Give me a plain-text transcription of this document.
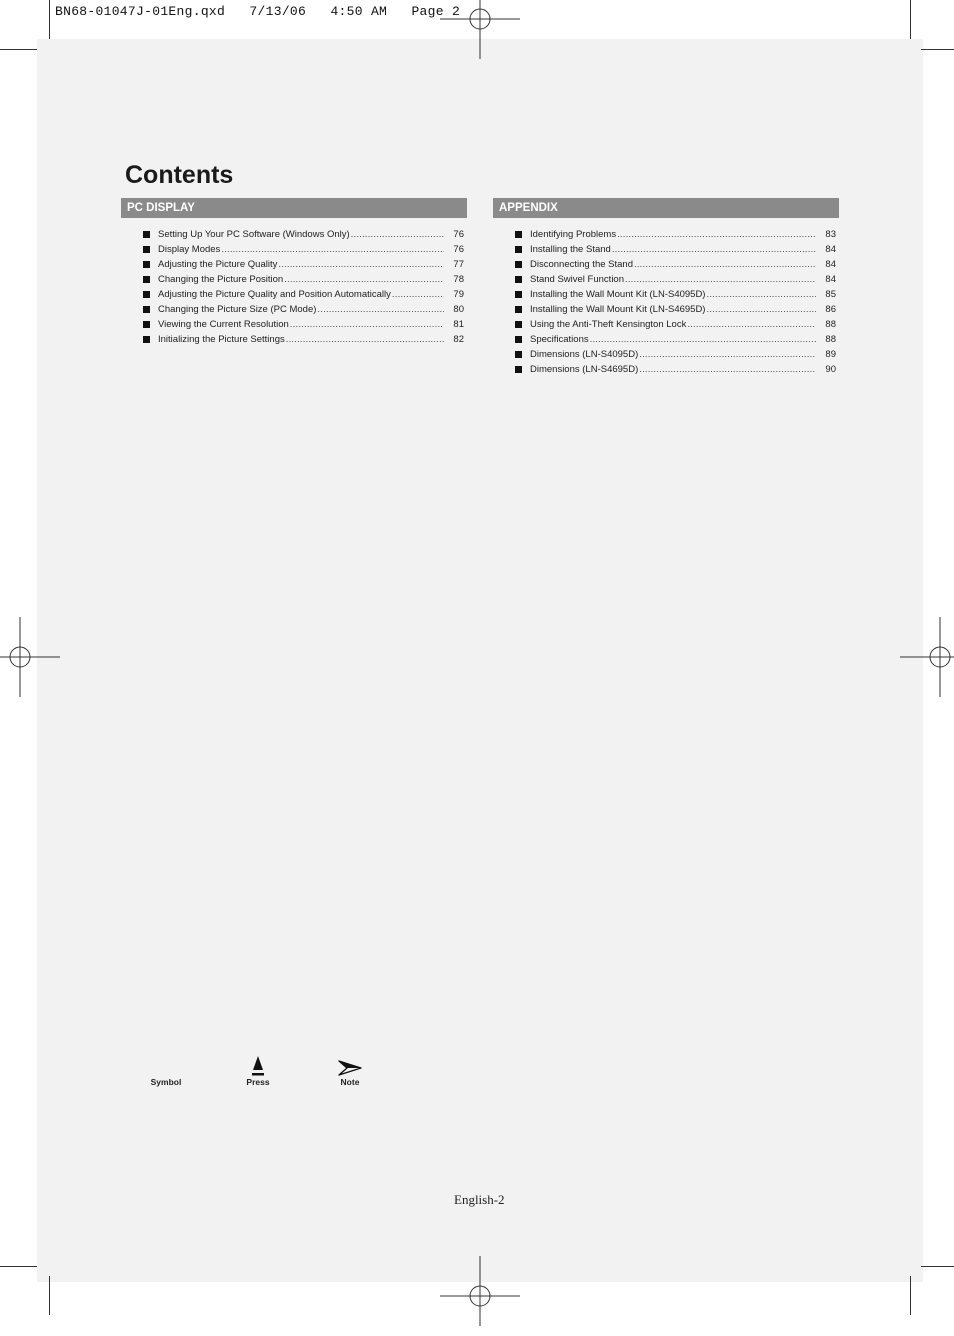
BN68-01047J-01Eng.qxd   7/13/06   4:50 AM   Page 2
Contents
PC DISPLAY
Setting Up Your PC Software (Windows Only) .....	76
Display Modes .....	76
Adjusting the Picture Quality .....	77
Changing the Picture Position .....	78
Adjusting the Picture Quality and Position Automatically .....	79
Changing the Picture Size (PC Mode) .....	80
Viewing the Current Resolution .....	81
Initializing the Picture Settings .....	82
APPENDIX
Identifying Problems .....	83
Installing the Stand .....	84
Disconnecting the Stand .....	84
Stand Swivel Function .....	84
Installing the Wall Mount Kit (LN-S4095D) .....	85
Installing the Wall Mount Kit (LN-S4695D) .....	86
Using the Anti-Theft Kensington Lock .....	88
Specifications .....	88
Dimensions (LN-S4095D) .....	89
Dimensions (LN-S4695D) .....	90
Symbol	Press	Note
English-2
